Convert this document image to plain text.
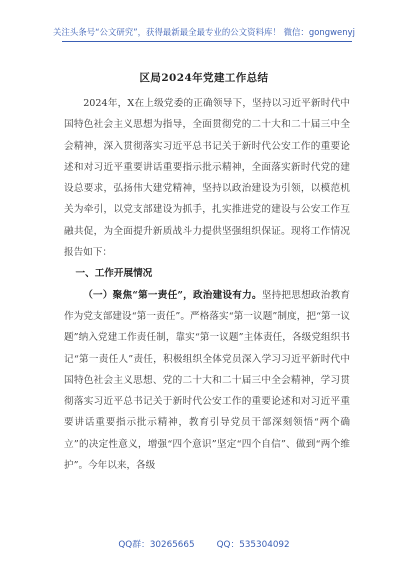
关注头条号“公文研究”，获得最新最全最专业的公文资料库！ 微信：gongwenyj
区局2024年党建工作总结

2024年，X在上级党委的正确领导下，坚持以习近平新时代中国特色社会主义思想为指导，全面贯彻党的二十大和二十届三中全会精神，深入贯彻落实习近平总书记关于新时代公安工作的重要论述和对习近平重要讲话重要指示批示精神，全面落实新时代党的建设总要求，弘扬伟大建党精神，坚持以政治建设为引领，以模范机关为牵引，以党支部建设为抓手，扎实推进党的建设与公安工作互融共促，为全面提升新质战斗力提供坚强组织保证。现将工作情况报告如下：

一、工作开展情况

（一）聚焦“第一责任”，政治建设有力。坚持把思想政治教育作为党支部建设“第一责任”。严格落实“第一议题”制度，把“第一议题”纳入党建工作责任制，靠实“第一议题”主体责任，各级党组织书记“第一责任人”责任，积极组织全体党员深入学习习近平新时代中国特色社会主义思想、党的二十大和二十届三中全会精神，学习贯彻落实习近平总书记关于新时代公安工作的重要论述和对习近平重要讲话重要指示批示精神，教育引导党员干部深刻领悟“两个确立”的决定性意义，增强“四个意识”坚定“四个自信”、做到“两个维护”。今年以来，各级

QQ群：30265665	QQ：535304092
